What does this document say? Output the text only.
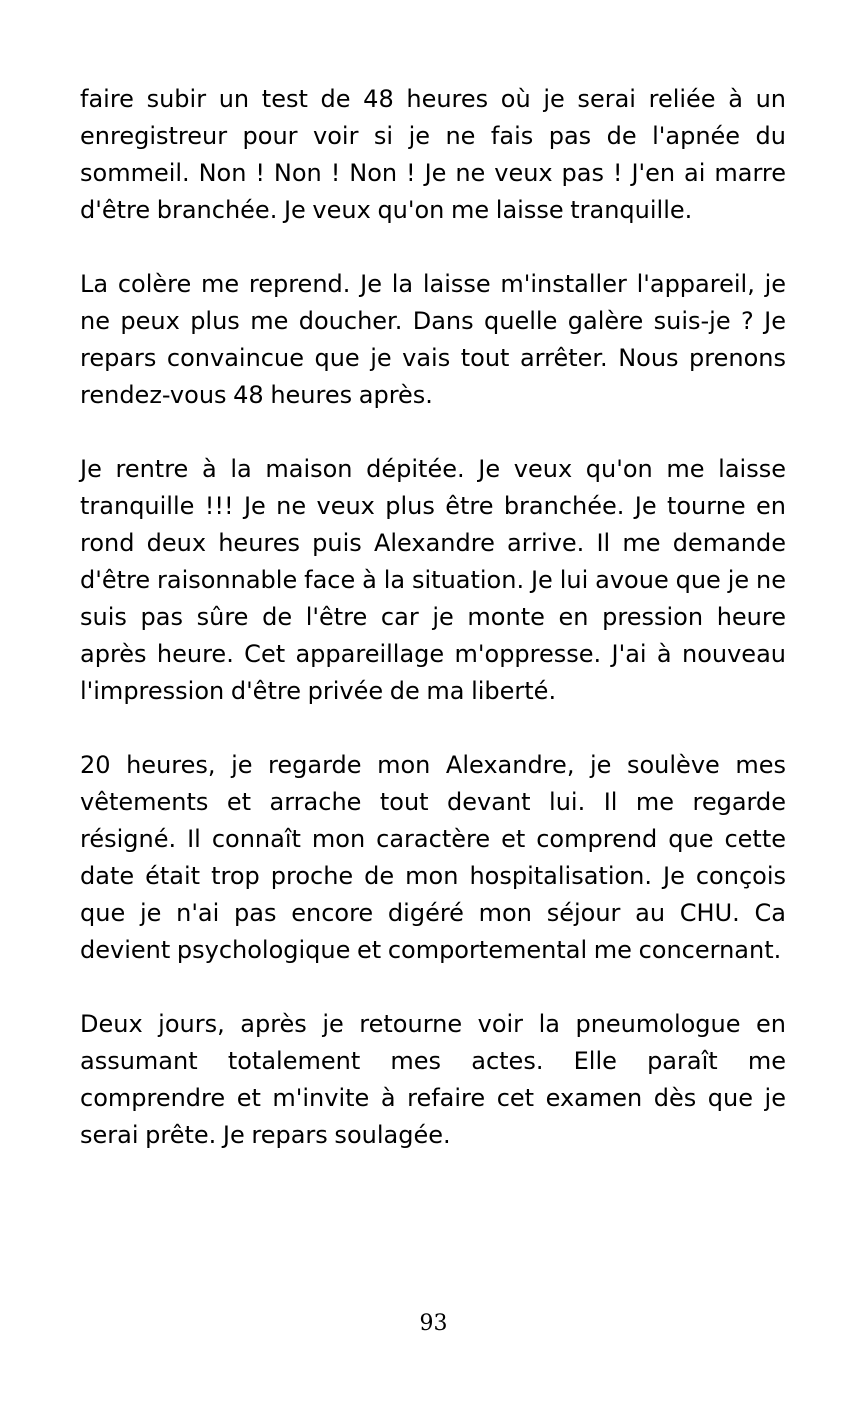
faire subir un test de 48 heures où je serai reliée à un enregistreur pour voir si je ne fais pas de l'apnée du sommeil. Non ! Non ! Non ! Je ne veux pas ! J'en ai marre d'être branchée. Je veux qu'on me laisse tranquille.

La colère me reprend. Je la laisse m'installer l'appareil, je ne peux plus me doucher. Dans quelle galère suis-je ? Je repars convaincue que je vais tout arrêter. Nous prenons rendez-vous 48 heures après.

Je rentre à la maison dépitée. Je veux qu'on me laisse tranquille !!! Je ne veux plus être branchée. Je tourne en rond deux heures puis Alexandre arrive. Il me demande d'être raisonnable face à la situation. Je lui avoue que je ne suis pas sûre de l'être car je monte en pression heure après heure. Cet appareillage m'oppresse. J'ai à nouveau l'impression d'être privée de ma liberté.

20 heures, je regarde mon Alexandre, je soulève mes vêtements et arrache tout devant lui. Il me regarde résigné. Il connaît mon caractère et comprend que cette date était trop proche de mon hospitalisation. Je conçois que je n'ai pas encore digéré mon séjour au CHU. Ca devient psychologique et comportemental me concernant.

Deux jours, après je retourne voir la pneumologue en assumant totalement mes actes. Elle paraît me comprendre et m'invite à refaire cet examen dès que je serai prête. Je repars soulagée.

93
